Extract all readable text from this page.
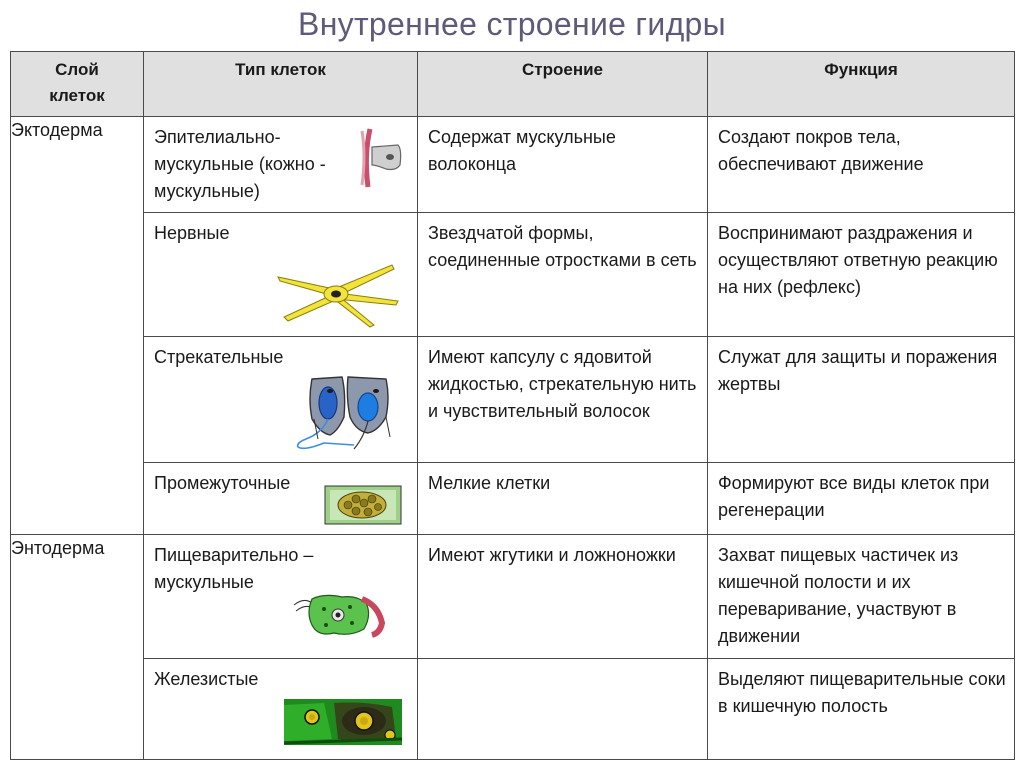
Внутреннее строение гидры
Слой клеток	Тип клеток	Строение	Функция
Эктодерма	Эпителиально-мускульные (кожно - мускульные)	Содержат мускульные волоконца	Создают покров тела, обеспечивают движение

	Нервные	Звездчатой формы, соединенные отростками в сеть	Воспринимают раздражения и осуществляют ответную реакцию на них (рефлекс)

	Стрекательные	Имеют капсулу с ядовитой жидкостью, стрекательную нить и чувствительный волосок	Служат для защиты и поражения жертвы

	Промежуточные	Мелкие клетки	Формируют все виды клеток при регенерации

Энтодерма	Пищеварительно – мускульные	Имеют жгутики и ложноножки	Захват пищевых частичек из кишечной полости и их переваривание, участвуют в движении

	Железистые		Выделяют пищеварительные соки в кишечную полость
